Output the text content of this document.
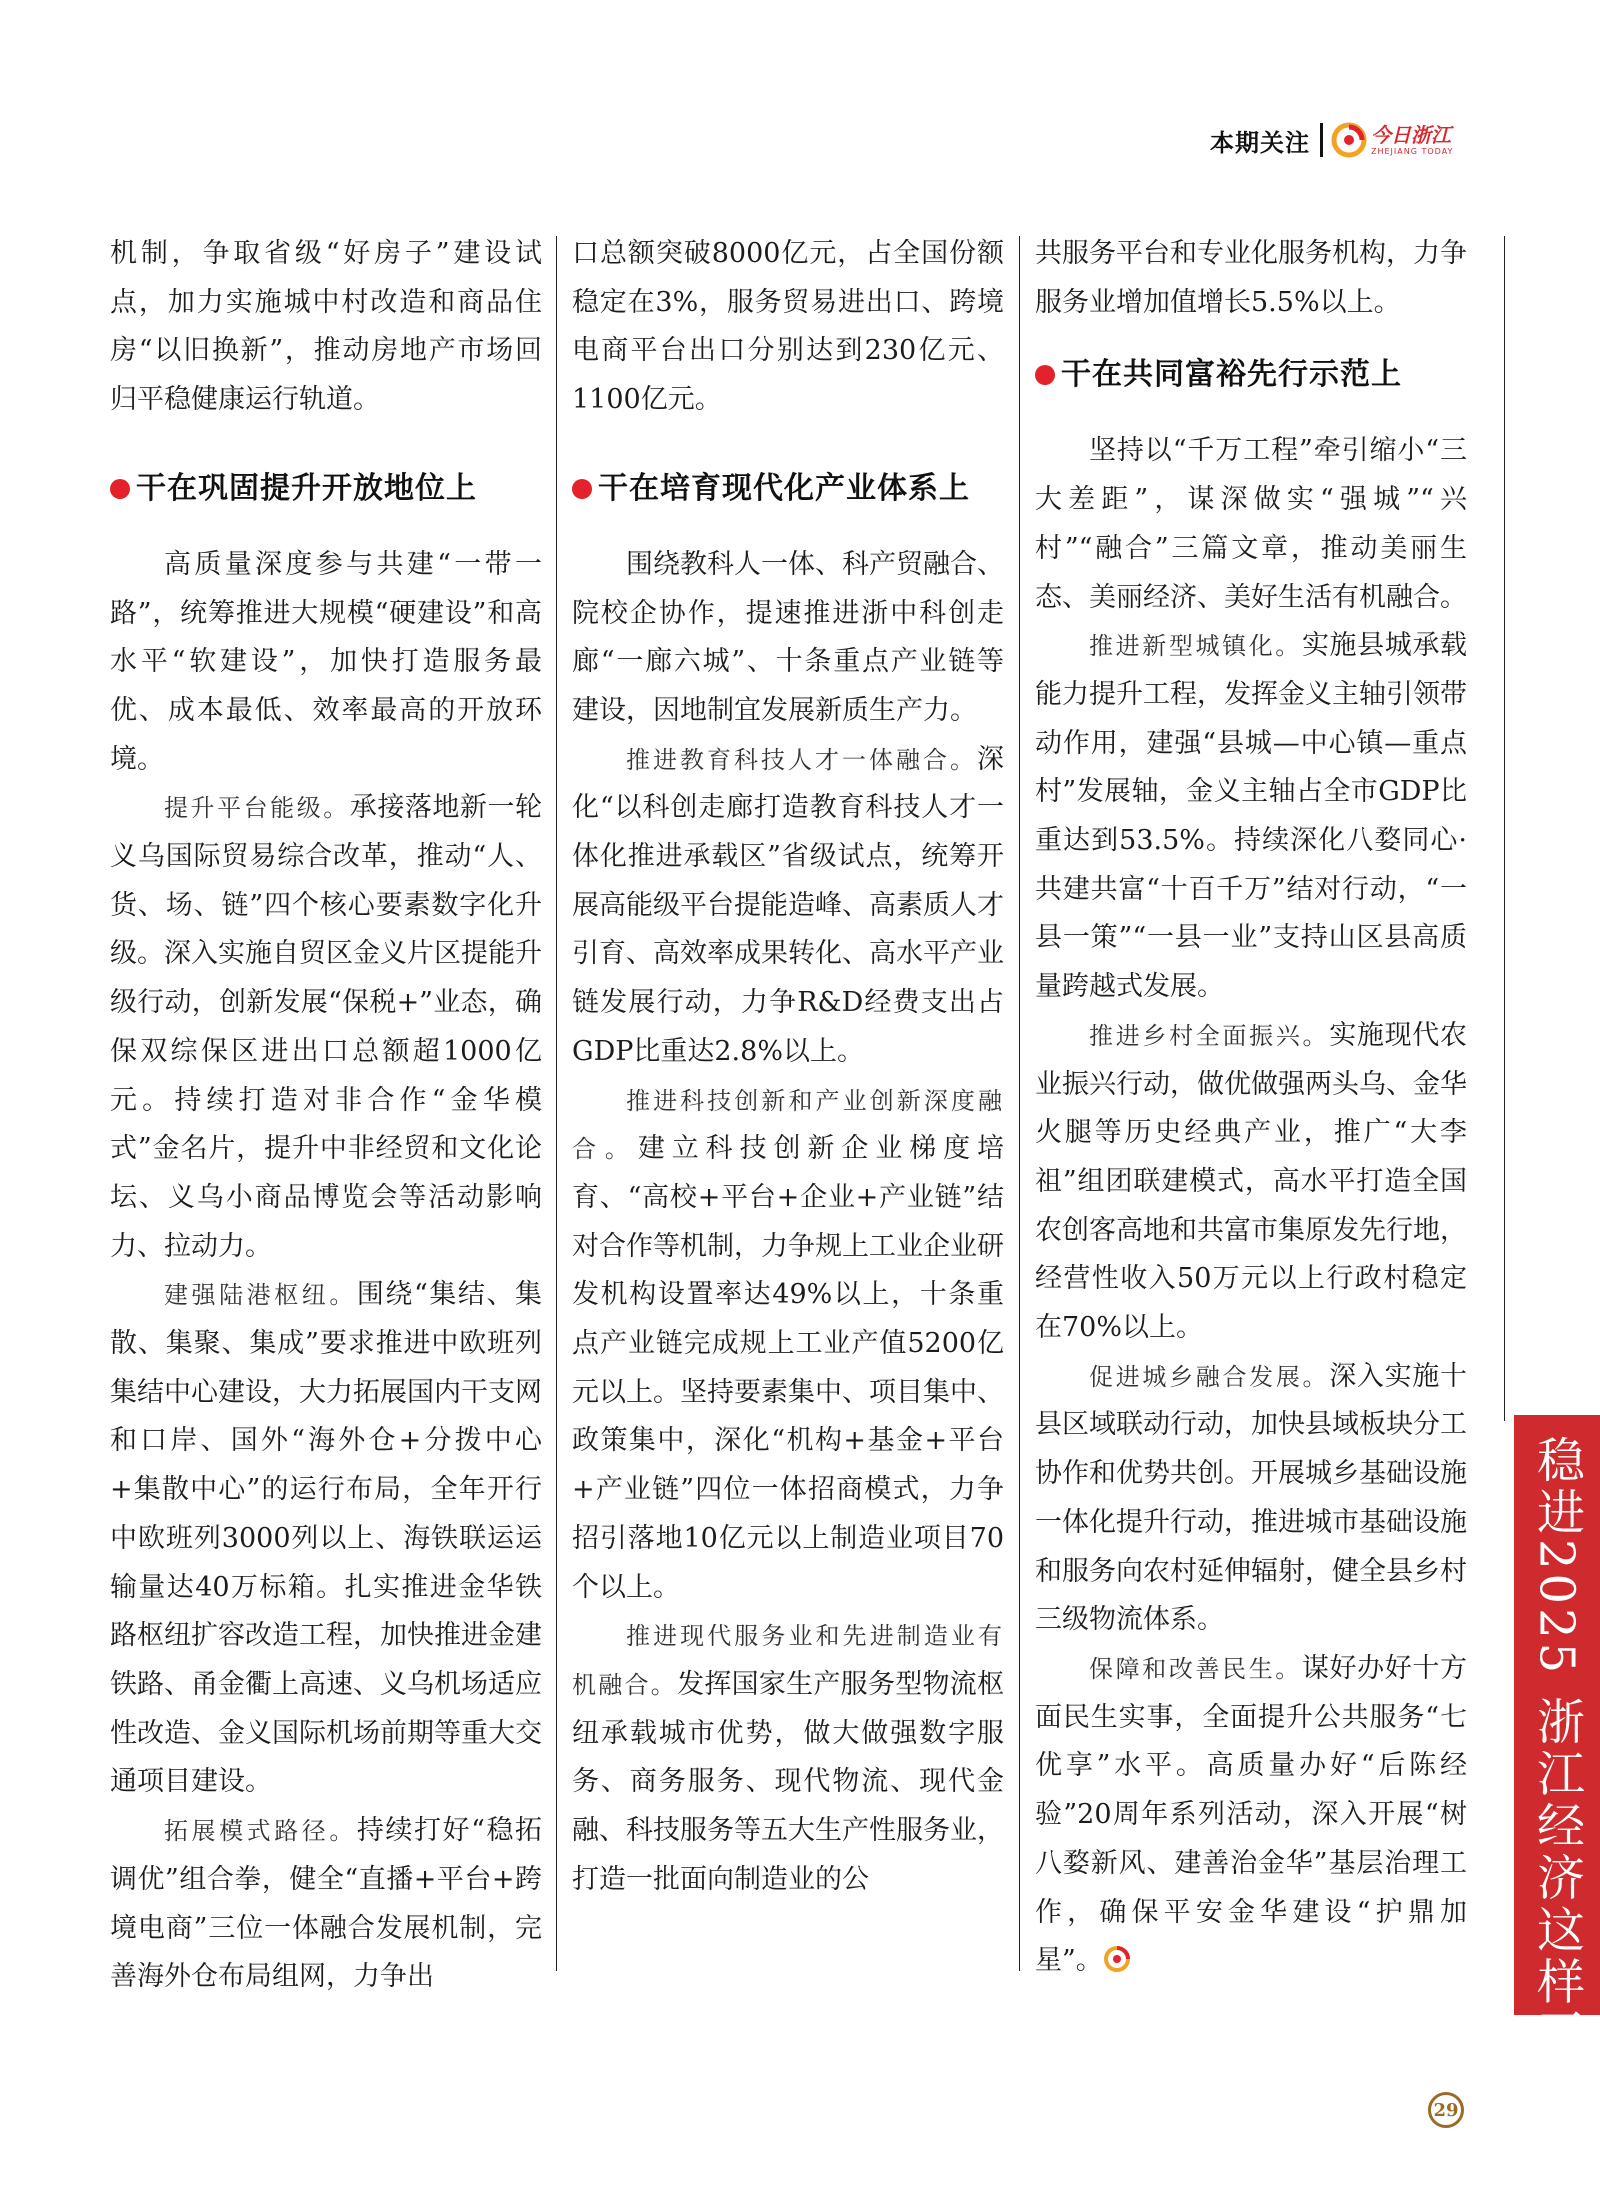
本期关注	今日浙江
ZHEJIANG TODAY

机制，争取省级“好房子”建设试点，加力实施城中村改造和商品住房“以旧换新”，推动房地产市场回归平稳健康运行轨道。

干在巩固提升开放地位上

高质量深度参与共建“一带一路”，统筹推进大规模“硬建设”和高水平“软建设”，加快打造服务最优、成本最低、效率最高的开放环境。

提升平台能级。承接落地新一轮义乌国际贸易综合改革，推动“人、货、场、链”四个核心要素数字化升级。深入实施自贸区金义片区提能升级行动，创新发展“保税+”业态，确保双综保区进出口总额超1000亿元。持续打造对非合作“金华模式”金名片，提升中非经贸和文化论坛、义乌小商品博览会等活动影响力、拉动力。

建强陆港枢纽。围绕“集结、集散、集聚、集成”要求推进中欧班列集结中心建设，大力拓展国内干支网和口岸、国外“海外仓+分拨中心+集散中心”的运行布局，全年开行中欧班列3000列以上、海铁联运运输量达40万标箱。扎实推进金华铁路枢纽扩容改造工程，加快推进金建铁路、甬金衢上高速、义乌机场适应性改造、金义国际机场前期等重大交通项目建设。

拓展模式路径。持续打好“稳拓调优”组合拳，健全“直播+平台+跨境电商”三位一体融合发展机制，完善海外仓布局组网，力争出

口总额突破8000亿元，占全国份额稳定在3%，服务贸易进出口、跨境电商平台出口分别达到230亿元、1100亿元。

干在培育现代化产业体系上

围绕教科人一体、科产贸融合、院校企协作，提速推进浙中科创走廊“一廊六城”、十条重点产业链等建设，因地制宜发展新质生产力。

推进教育科技人才一体融合。深化“以科创走廊打造教育科技人才一体化推进承载区”省级试点，统筹开展高能级平台提能造峰、高素质人才引育、高效率成果转化、高水平产业链发展行动，力争R&D经费支出占GDP比重达2.8%以上。

推进科技创新和产业创新深度融合。建立科技创新企业梯度培育、“高校+平台+企业+产业链”结对合作等机制，力争规上工业企业研发机构设置率达49%以上，十条重点产业链完成规上工业产值5200亿元以上。坚持要素集中、项目集中、政策集中，深化“机构+基金+平台+产业链”四位一体招商模式，力争招引落地10亿元以上制造业项目70个以上。

推进现代服务业和先进制造业有机融合。发挥国家生产服务型物流枢纽承载城市优势，做大做强数字服务、商务服务、现代物流、现代金融、科技服务等五大生产性服务业，打造一批面向制造业的公

共服务平台和专业化服务机构，力争服务业增加值增长5.5%以上。

干在共同富裕先行示范上

坚持以“千万工程”牵引缩小“三大差距”，谋深做实“强城”“兴村”“融合”三篇文章，推动美丽生态、美丽经济、美好生活有机融合。

推进新型城镇化。实施县城承载能力提升工程，发挥金义主轴引领带动作用，建强“县城—中心镇—重点村”发展轴，金义主轴占全市GDP比重达到53.5%。持续深化八婺同心·共建共富“十百千万”结对行动，“一县一策”“一县一业”支持山区县高质量跨越式发展。

推进乡村全面振兴。实施现代农业振兴行动，做优做强两头乌、金华火腿等历史经典产业，推广“大李祖”组团联建模式，高水平打造全国农创客高地和共富市集原发先行地，经营性收入50万元以上行政村稳定在70%以上。

促进城乡融合发展。深入实施十县区域联动行动，加快县域板块分工协作和优势共创。开展城乡基础设施一体化提升行动，推进城市基础设施和服务向农村延伸辐射，健全县乡村三级物流体系。

保障和改善民生。谋好办好十方面民生实事，全面提升公共服务“七优享”水平。高质量办好“后陈经验”20周年系列活动，深入开展“树八婺新风、建善治金华”基层治理工作，确保平安金华建设“护鼎加星”。	稳进2025 浙江经济这样干
29
